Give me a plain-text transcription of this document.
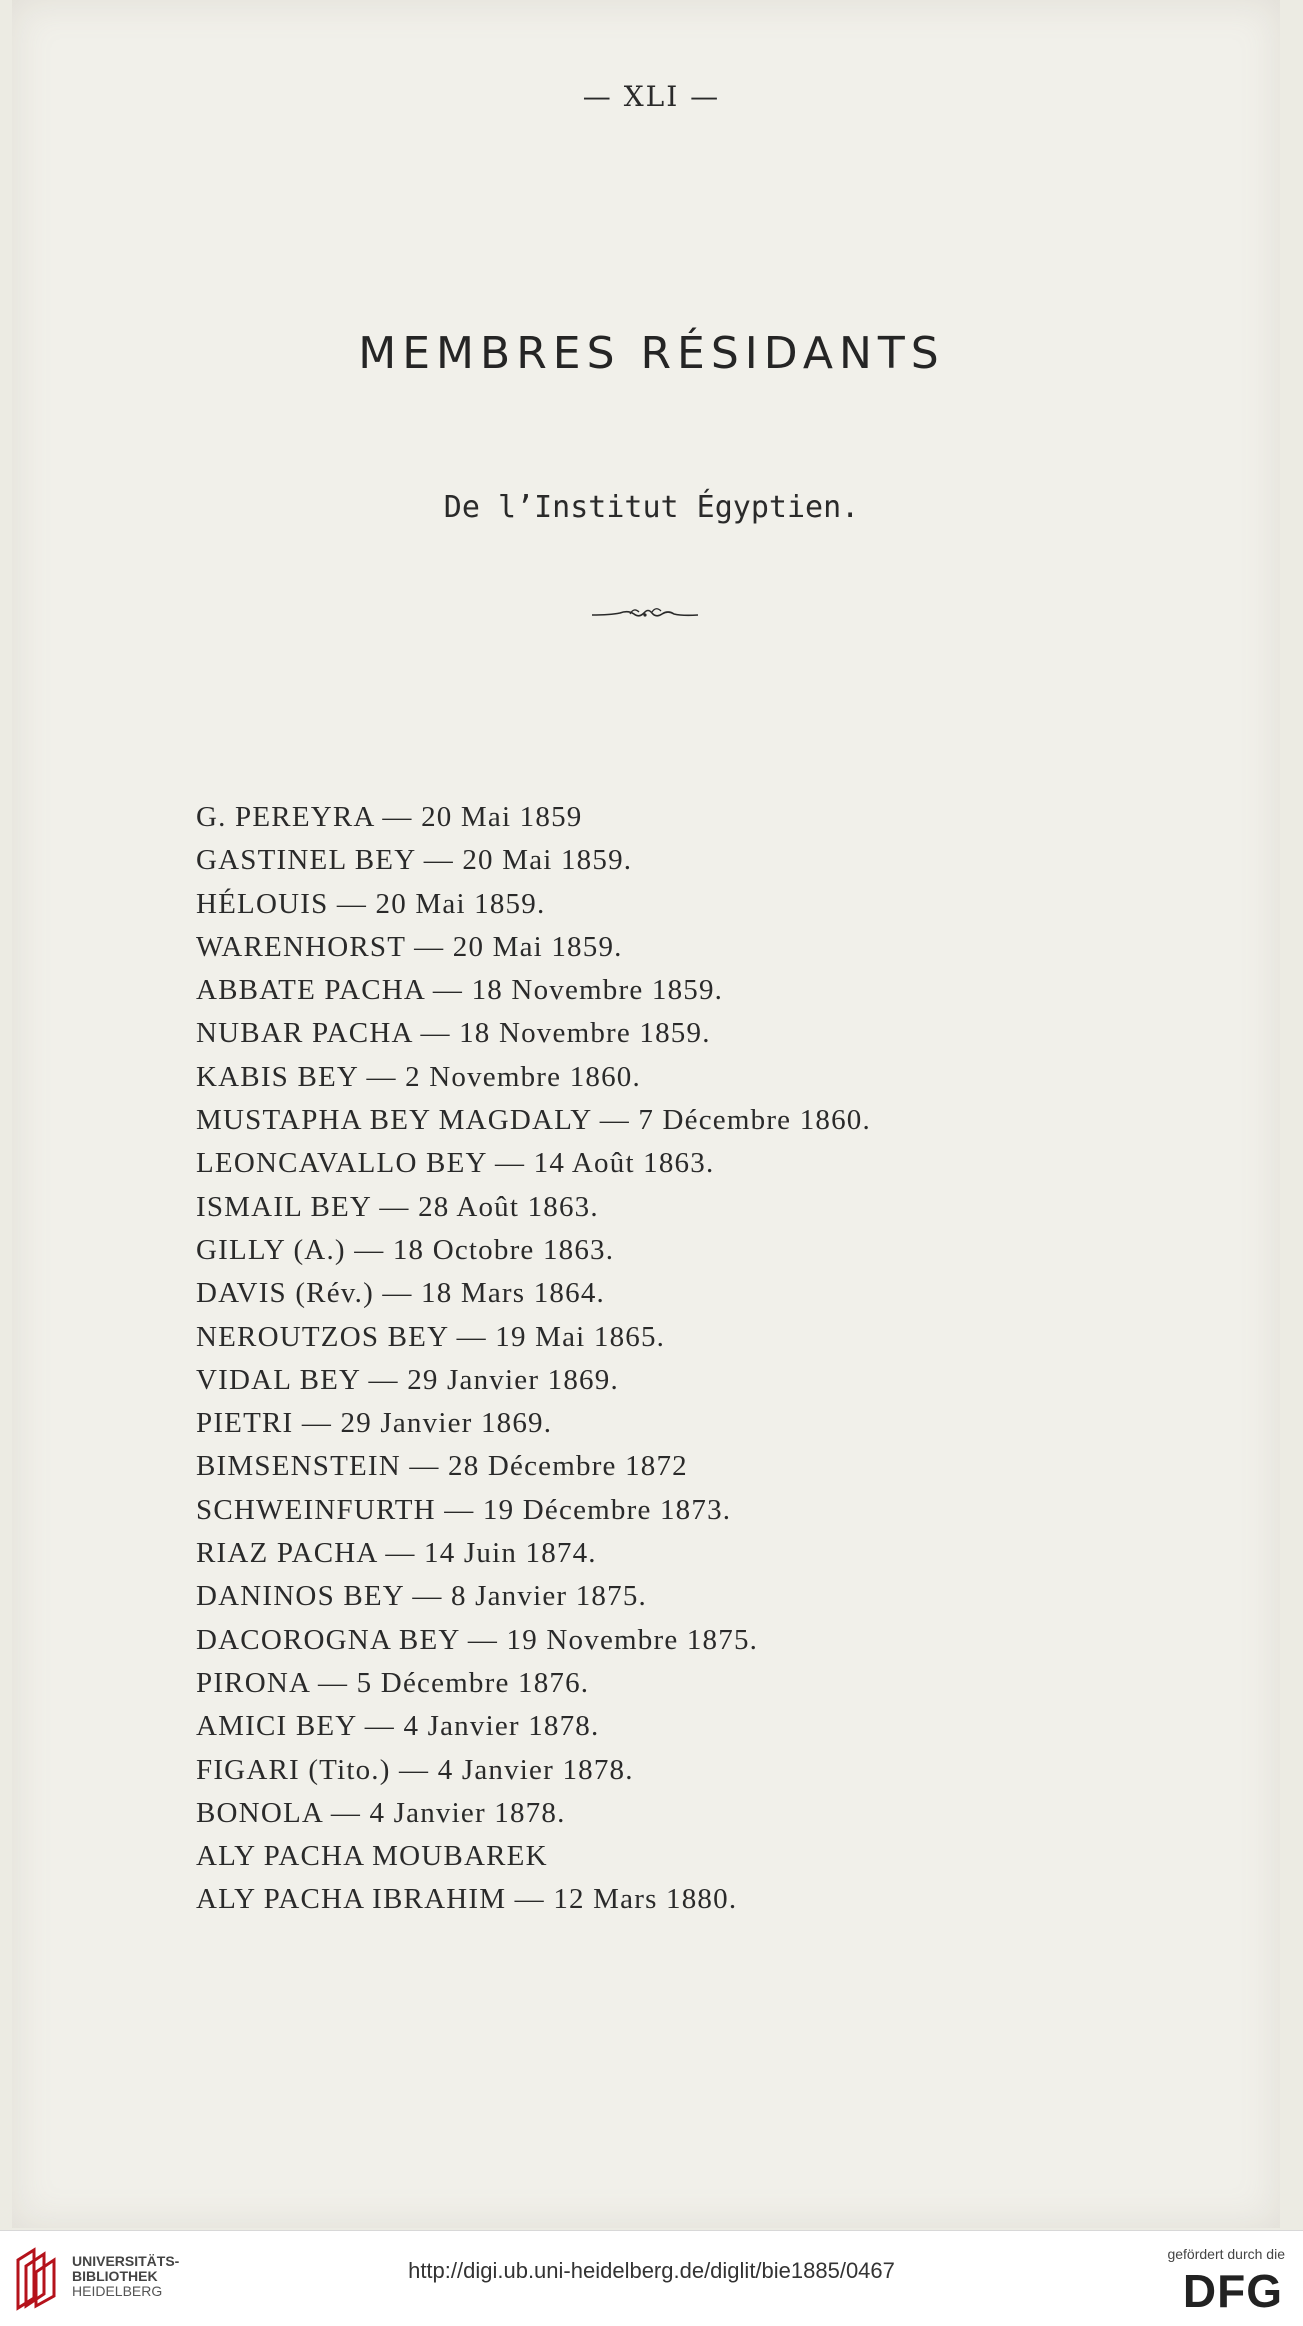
— XLI —
MEMBRES RÉSIDANTS
De l’Institut Égyptien.
G. PEREYRA — 20 Mai 1859
GASTINEL BEY — 20 Mai 1859.
HÉLOUIS — 20 Mai 1859.
WARENHORST — 20 Mai 1859.
ABBATE PACHA — 18 Novembre 1859.
NUBAR PACHA — 18 Novembre 1859.
KABIS BEY — 2 Novembre 1860.
MUSTAPHA BEY MAGDALY — 7 Décembre 1860.
LEONCAVALLO BEY — 14 Août 1863.
ISMAIL BEY — 28 Août 1863.
GILLY (A.) — 18 Octobre 1863.
DAVIS (Rév.) — 18 Mars 1864.
NEROUTZOS BEY — 19 Mai 1865.
VIDAL BEY — 29 Janvier 1869.
PIETRI — 29 Janvier 1869.
BIMSENSTEIN — 28 Décembre 1872
SCHWEINFURTH — 19 Décembre 1873.
RIAZ PACHA — 14 Juin 1874.
DANINOS BEY — 8 Janvier 1875.
DACOROGNA BEY — 19 Novembre 1875.
PIRONA — 5 Décembre 1876.
AMICI BEY — 4 Janvier 1878.
FIGARI (Tito.) — 4 Janvier 1878.
BONOLA — 4 Janvier 1878.
ALY PACHA MOUBAREK
ALY PACHA IBRAHIM — 12 Mars 1880.
UNIVERSITÄTS-
BIBLIOTHEK
HEIDELBERG
http://digi.ub.uni-heidelberg.de/diglit/bie1885/0467
gefördert durch die
DFG
